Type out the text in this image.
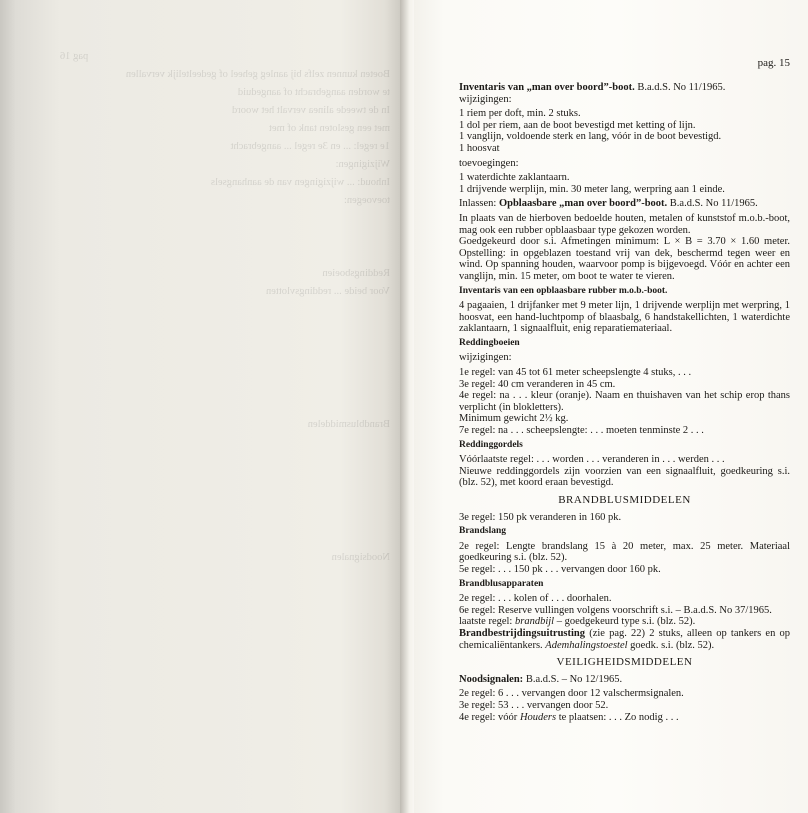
pag 16

Boeten kunnen zelfs bij aanleg geheel of gedeeltelijk vervallen

te worden aangebracht of aangeduid

In de tweede alinea vervalt het woord

met een gesloten tank of met

1e regel: ... en 3e regel ... aangebracht

Wijzigingen:

Inhoud: ... wijzigingen van de aanhangsels

toevoegen:

Reddingsboeien

Voor beide ... reddingsvlotten

Brandblusmiddelen

Noodsignalen

pag. 15

Inventaris van „man over boord”-boot. B.a.d.S. No 11/1965.

wijzigingen:

1 riem per doft, min. 2 stuks.

1 dol per riem, aan de boot bevestigd met ketting of lijn.

1 vanglijn, voldoende sterk en lang, vóór in de boot bevestigd.

1 hoosvat

toevoegingen:

1 waterdichte zaklantaarn.

1 drijvende werplijn, min. 30 meter lang, werpring aan 1 einde.

Inlassen: Opblaasbare „man over boord”-boot. B.a.d.S. No 11/1965.

In plaats van de hierboven bedoelde houten, metalen of kunststof m.o.b.-boot, mag ook een rubber opblaasbaar type gekozen worden.

Goedgekeurd door s.i. Afmetingen minimum: L × B = 3.70 × 1.60 meter. Opstelling: in opgeblazen toestand vrij van dek, beschermd tegen weer en wind. Op spanning houden, waarvoor pomp is bijgevoegd. Vóór en achter een vanglijn, min. 15 meter, om boot te water te vieren.

Inventaris van een opblaasbare rubber m.o.b.-boot.

4 pagaaien, 1 drijfanker met 9 meter lijn, 1 drijvende werplijn met werpring, 1 hoosvat, een hand-luchtpomp of blaasbalg, 6 handstakellichten, 1 waterdichte zaklantaarn, 1 signaalfluit, enig reparatiemateriaal.

Reddingboeien

wijzigingen:

1e regel: van 45 tot 61 meter scheepslengte 4 stuks, . . .

3e regel: 40 cm veranderen in 45 cm.

4e regel: na . . . kleur (oranje). Naam en thuishaven van het schip erop thans verplicht (in blokletters).

Minimum gewicht 2½ kg.

7e regel: na . . . scheepslengte: . . . moeten tenminste 2 . . .

Reddinggordels

Vóórlaatste regel: . . . worden . . . veranderen in . . . werden . . .

Nieuwe reddinggordels zijn voorzien van een signaalfluit, goedkeuring s.i. (blz. 52), met koord eraan bevestigd.

BRANDBLUSMIDDELEN

3e regel: 150 pk veranderen in 160 pk.

Brandslang

2e regel: Lengte brandslang 15 à 20 meter, max. 25 meter. Materiaal goedkeuring s.i. (blz. 52).

5e regel: . . . 150 pk . . . vervangen door 160 pk.

Brandblusapparaten

2e regel: . . . kolen of . . . doorhalen.

6e regel: Reserve vullingen volgens voorschrift s.i. – B.a.d.S. No 37/1965.

laatste regel: brandbijl – goedgekeurd type s.i. (blz. 52).

Brandbestrijdingsuitrusting (zie pag. 22) 2 stuks, alleen op tankers en op chemicaliëntankers. Ademhalingstoestel goedk. s.i. (blz. 52).

VEILIGHEIDSMIDDELEN

Noodsignalen: B.a.d.S. – No 12/1965.

2e regel: 6 . . . vervangen door 12 valschermsignalen.

3e regel: 53 . . . vervangen door 52.

4e regel: vóór Houders te plaatsen: . . . Zo nodig . . .
